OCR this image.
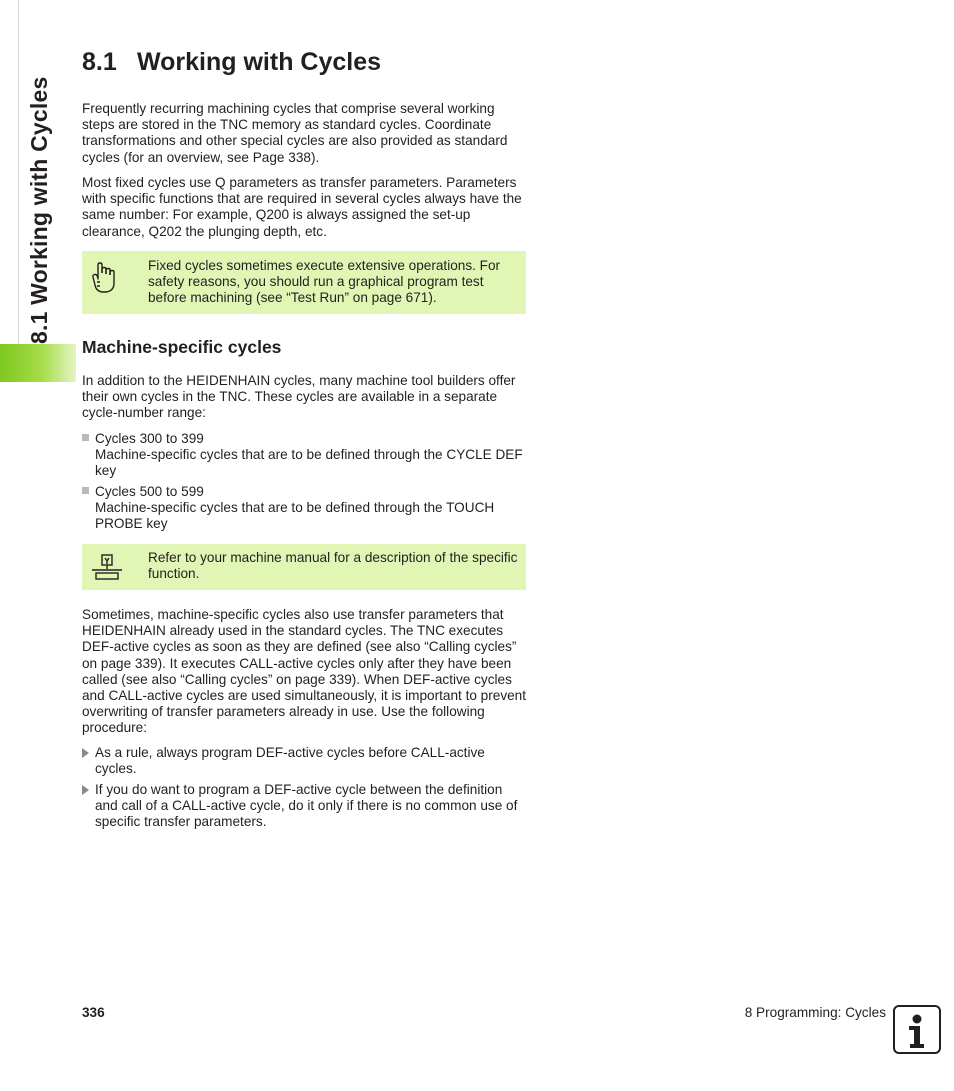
8.1 Working with Cycles
8.1 Working with Cycles

Frequently recurring machining cycles that comprise several working steps are stored in the TNC memory as standard cycles. Coordinate transformations and other special cycles are also provided as standard cycles (for an overview, see Page 338).

Most fixed cycles use Q parameters as transfer parameters. Parameters with specific functions that are required in several cycles always have the same number: For example, Q200 is always assigned the set-up clearance, Q202 the plunging depth, etc.

Fixed cycles sometimes execute extensive operations. For safety reasons, you should run a graphical program test before machining (see “Test Run” on page 671).

Machine-specific cycles

In addition to the HEIDENHAIN cycles, many machine tool builders offer their own cycles in the TNC. These cycles are available in a separate cycle-number range:

Cycles 300 to 399

Machine-specific cycles that are to be defined through the CYCLE DEF key

Cycles 500 to 599

Machine-specific cycles that are to be defined through the TOUCH PROBE key

Refer to your machine manual for a description of the specific function.

Sometimes, machine-specific cycles also use transfer parameters that HEIDENHAIN already used in the standard cycles. The TNC executes DEF-active cycles as soon as they are defined (see also “Calling cycles” on page 339). It executes CALL-active cycles only after they have been called (see also “Calling cycles” on page 339). When DEF-active cycles and CALL-active cycles are used simultaneously, it is important to prevent overwriting of transfer parameters already in use. Use the following procedure:

As a rule, always program DEF-active cycles before CALL-active cycles.

If you do want to program a DEF-active cycle between the definition and call of a CALL-active cycle, do it only if there is no common use of specific transfer parameters.

336	8 Programming: Cycles
